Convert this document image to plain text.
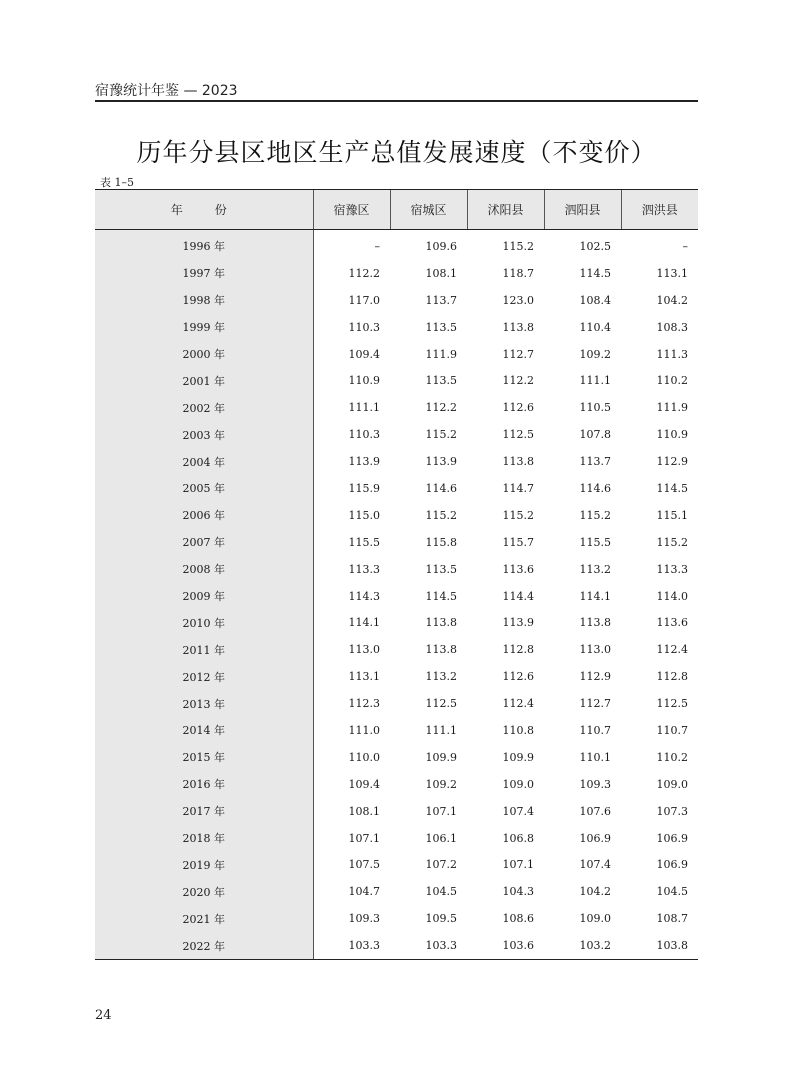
宿豫统计年鉴 — 2023
历年分县区地区生产总值发展速度（不变价）
表 1–5
年　份	宿豫区	宿城区	沭阳县	泗阳县	泗洪县
1996 年	–	109.6	115.2	102.5	–
1997 年	112.2	108.1	118.7	114.5	113.1
1998 年	117.0	113.7	123.0	108.4	104.2
1999 年	110.3	113.5	113.8	110.4	108.3
2000 年	109.4	111.9	112.7	109.2	111.3
2001 年	110.9	113.5	112.2	111.1	110.2
2002 年	111.1	112.2	112.6	110.5	111.9
2003 年	110.3	115.2	112.5	107.8	110.9
2004 年	113.9	113.9	113.8	113.7	112.9
2005 年	115.9	114.6	114.7	114.6	114.5
2006 年	115.0	115.2	115.2	115.2	115.1
2007 年	115.5	115.8	115.7	115.5	115.2
2008 年	113.3	113.5	113.6	113.2	113.3
2009 年	114.3	114.5	114.4	114.1	114.0
2010 年	114.1	113.8	113.9	113.8	113.6
2011 年	113.0	113.8	112.8	113.0	112.4
2012 年	113.1	113.2	112.6	112.9	112.8
2013 年	112.3	112.5	112.4	112.7	112.5
2014 年	111.0	111.1	110.8	110.7	110.7
2015 年	110.0	109.9	109.9	110.1	110.2
2016 年	109.4	109.2	109.0	109.3	109.0
2017 年	108.1	107.1	107.4	107.6	107.3
2018 年	107.1	106.1	106.8	106.9	106.9
2019 年	107.5	107.2	107.1	107.4	106.9
2020 年	104.7	104.5	104.3	104.2	104.5
2021 年	109.3	109.5	108.6	109.0	108.7
2022 年	103.3	103.3	103.6	103.2	103.8
24
